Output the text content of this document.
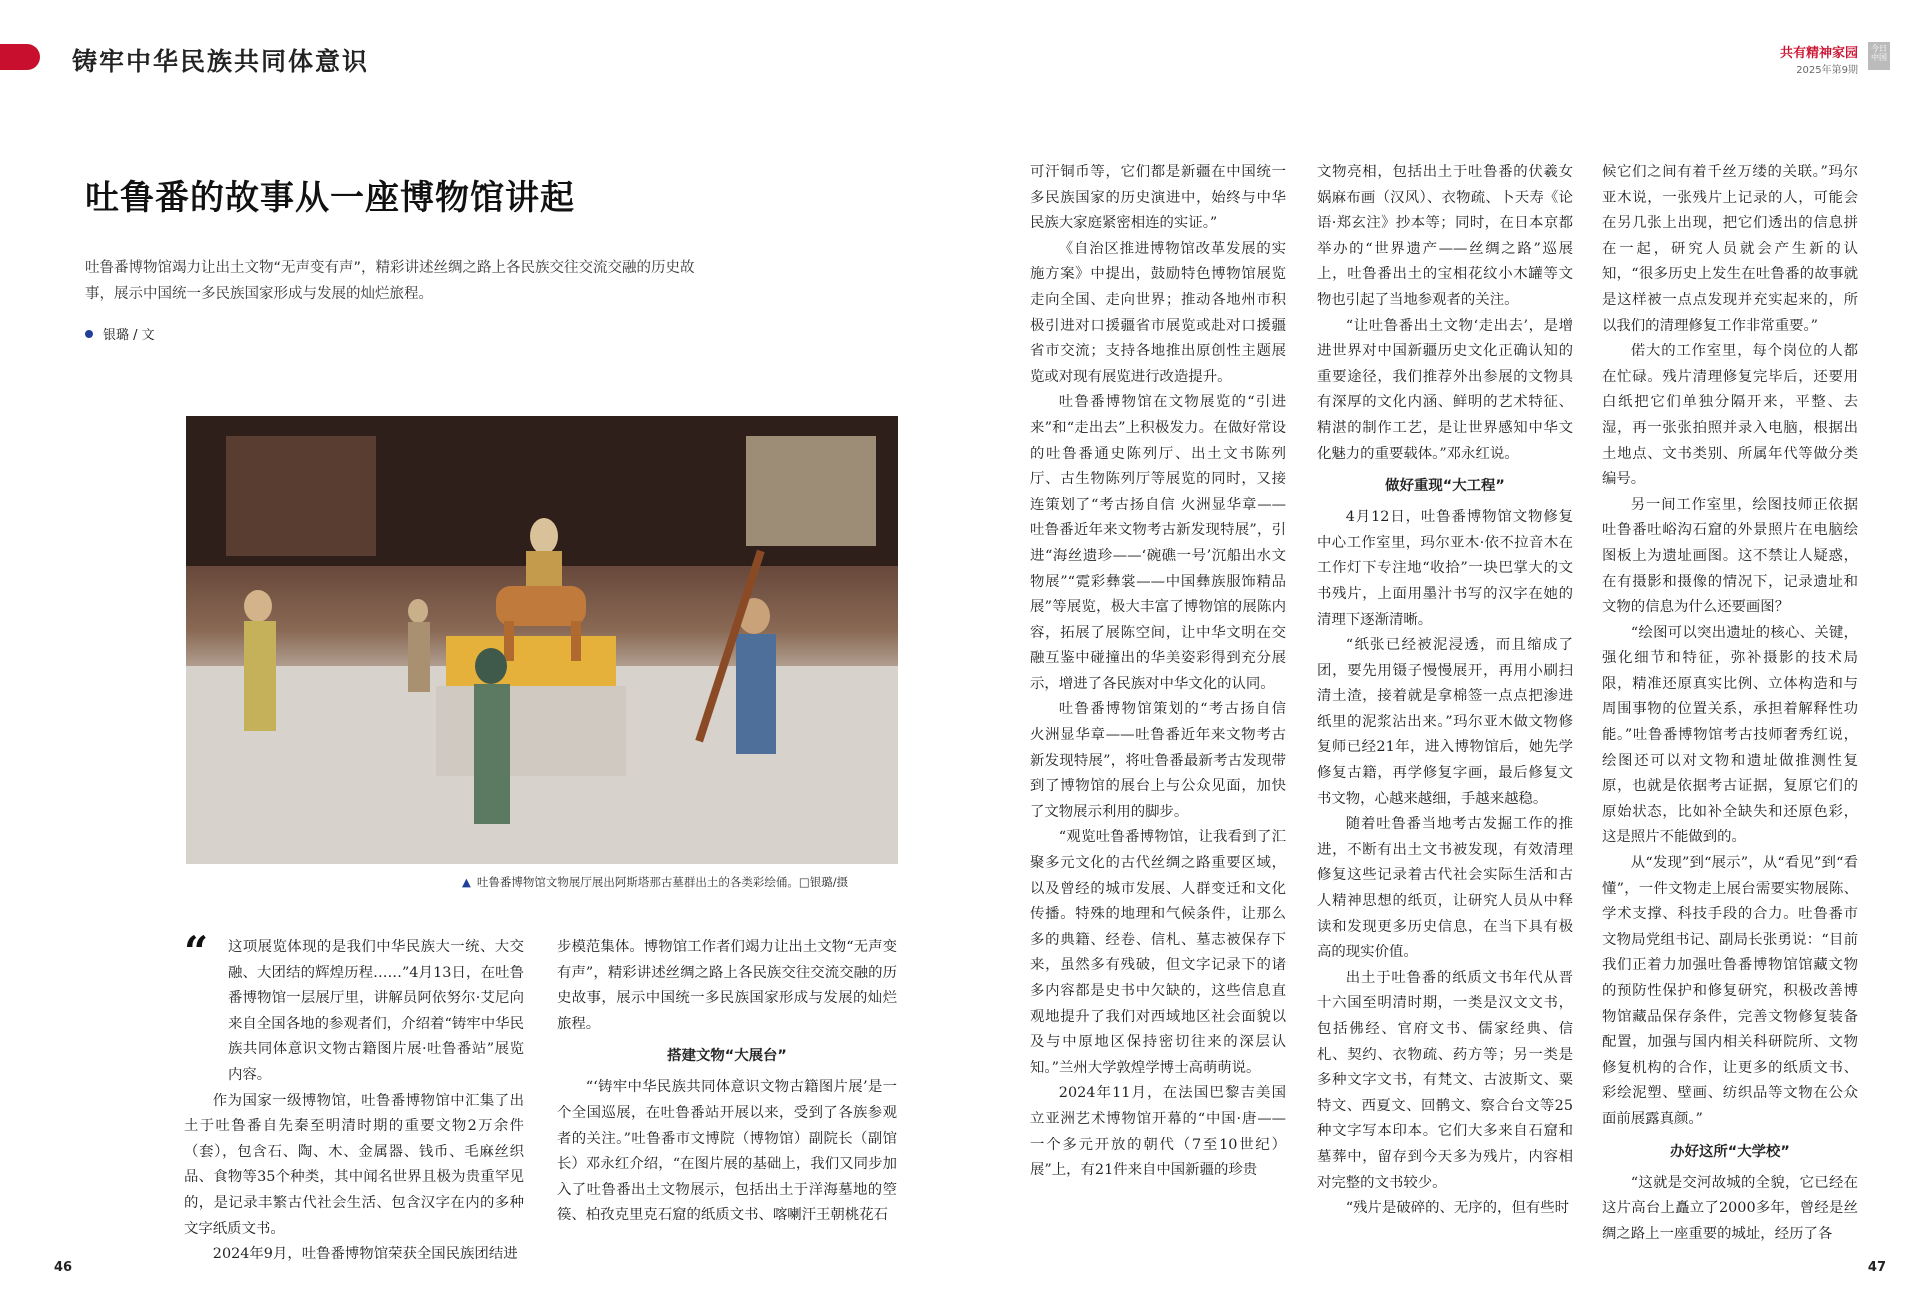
铸牢中华民族共同体意识	共有精神家园
2025年第9期
今日中国
吐鲁番的故事从一座博物馆讲起
吐鲁番博物馆竭力让出土文物“无声变有声”，精彩讲述丝绸之路上各民族交往交流交融的历史故事，展示中国统一多民族国家形成与发展的灿烂旅程。
银璐 / 文
▲ 吐鲁番博物馆文物展厅展出阿斯塔那古墓群出土的各类彩绘俑。□银璐/摄
“	这项展览体现的是我们中华民族大一统、大交融、大团结的辉煌历程……”4月13日，在吐鲁番博物馆一层展厅里，讲解员阿依努尔·艾尼向来自全国各地的参观者们，介绍着“铸牢中华民族共同体意识文物古籍图片展·吐鲁番站”展览内容。

作为国家一级博物馆，吐鲁番博物馆中汇集了出土于吐鲁番自先秦至明清时期的重要文物2万余件（套），包含石、陶、木、金属器、钱币、毛麻丝织品、食物等35个种类，其中闻名世界且极为贵重罕见的，是记录丰繁古代社会生活、包含汉字在内的多种文字纸质文书。

2024年9月，吐鲁番博物馆荣获全国民族团结进

步模范集体。博物馆工作者们竭力让出土文物“无声变有声”，精彩讲述丝绸之路上各民族交往交流交融的历史故事，展示中国统一多民族国家形成与发展的灿烂旅程。

搭建文物“大展台”

“‘铸牢中华民族共同体意识文物古籍图片展’是一个全国巡展，在吐鲁番站开展以来，受到了各族参观者的关注。”吐鲁番市文博院（博物馆）副院长（副馆长）邓永红介绍，“在图片展的基础上，我们又同步加入了吐鲁番出土文物展示，包括出土于洋海墓地的箜篌、柏孜克里克石窟的纸质文书、喀喇汗王朝桃花石

可汗铜币等，它们都是新疆在中国统一多民族国家的历史演进中，始终与中华民族大家庭紧密相连的实证。”

《自治区推进博物馆改革发展的实施方案》中提出，鼓励特色博物馆展览走向全国、走向世界；推动各地州市积极引进对口援疆省市展览或赴对口援疆省市交流；支持各地推出原创性主题展览或对现有展览进行改造提升。

吐鲁番博物馆在文物展览的“引进来”和“走出去”上积极发力。在做好常设的吐鲁番通史陈列厅、出土文书陈列厅、古生物陈列厅等展览的同时，又接连策划了“考古扬自信 火洲显华章——吐鲁番近年来文物考古新发现特展”，引进“海丝遗珍——‘碗礁一号’沉船出水文物展”“霓彩彝裳——中国彝族服饰精品展”等展览，极大丰富了博物馆的展陈内容，拓展了展陈空间，让中华文明在交融互鉴中碰撞出的华美姿彩得到充分展示，增进了各民族对中华文化的认同。

吐鲁番博物馆策划的“考古扬自信 火洲显华章——吐鲁番近年来文物考古新发现特展”，将吐鲁番最新考古发现带到了博物馆的展台上与公众见面，加快了文物展示利用的脚步。

“观览吐鲁番博物馆，让我看到了汇聚多元文化的古代丝绸之路重要区域，以及曾经的城市发展、人群变迁和文化传播。特殊的地理和气候条件，让那么多的典籍、经卷、信札、墓志被保存下来，虽然多有残破，但文字记录下的诸多内容都是史书中欠缺的，这些信息直观地提升了我们对西域地区社会面貌以及与中原地区保持密切往来的深层认知。”兰州大学敦煌学博士高萌萌说。

2024年11月，在法国巴黎吉美国立亚洲艺术博物馆开幕的“中国·唐——一个多元开放的朝代（7至10世纪）展”上，有21件来自中国新疆的珍贵

文物亮相，包括出土于吐鲁番的伏羲女娲麻布画（汉风）、衣物疏、卜天寿《论语·郑玄注》抄本等；同时，在日本京都举办的“世界遗产——丝绸之路”巡展上，吐鲁番出土的宝相花纹小木罐等文物也引起了当地参观者的关注。

“让吐鲁番出土文物‘走出去’，是增进世界对中国新疆历史文化正确认知的重要途径，我们推荐外出参展的文物具有深厚的文化内涵、鲜明的艺术特征、精湛的制作工艺，是让世界感知中华文化魅力的重要载体。”邓永红说。

做好重现“大工程”

4月12日，吐鲁番博物馆文物修复中心工作室里，玛尔亚木·依不拉音木在工作灯下专注地“收拾”一块巴掌大的文书残片，上面用墨汁书写的汉字在她的清理下逐渐清晰。

“纸张已经被泥浸透，而且缩成了团，要先用镊子慢慢展开，再用小刷扫清土渣，接着就是拿棉签一点点把渗进纸里的泥浆沾出来。”玛尔亚木做文物修复师已经21年，进入博物馆后，她先学修复古籍，再学修复字画，最后修复文书文物，心越来越细，手越来越稳。

随着吐鲁番当地考古发掘工作的推进，不断有出土文书被发现，有效清理修复这些记录着古代社会实际生活和古人精神思想的纸页，让研究人员从中释读和发现更多历史信息，在当下具有极高的现实价值。

出土于吐鲁番的纸质文书年代从晋十六国至明清时期，一类是汉文文书，包括佛经、官府文书、儒家经典、信札、契约、衣物疏、药方等；另一类是多种文字文书，有梵文、古波斯文、粟特文、西夏文、回鹘文、察合台文等25种文字写本印本。它们大多来自石窟和墓葬中，留存到今天多为残片，内容相对完整的文书较少。

“残片是破碎的、无序的，但有些时

候它们之间有着千丝万缕的关联。”玛尔亚木说，一张残片上记录的人，可能会在另几张上出现，把它们透出的信息拼在一起，研究人员就会产生新的认知，“很多历史上发生在吐鲁番的故事就是这样被一点点发现并充实起来的，所以我们的清理修复工作非常重要。”

偌大的工作室里，每个岗位的人都在忙碌。残片清理修复完毕后，还要用白纸把它们单独分隔开来，平整、去湿，再一张张拍照并录入电脑，根据出土地点、文书类别、所属年代等做分类编号。

另一间工作室里，绘图技师正依据吐鲁番吐峪沟石窟的外景照片在电脑绘图板上为遗址画图。这不禁让人疑惑，在有摄影和摄像的情况下，记录遗址和文物的信息为什么还要画图？

“绘图可以突出遗址的核心、关键，强化细节和特征，弥补摄影的技术局限，精准还原真实比例、立体构造和与周围事物的位置关系，承担着解释性功能。”吐鲁番博物馆考古技师奢秀红说，绘图还可以对文物和遗址做推测性复原，也就是依据考古证据，复原它们的原始状态，比如补全缺失和还原色彩，这是照片不能做到的。

从“发现”到“展示”，从“看见”到“看懂”，一件文物走上展台需要实物展陈、学术支撑、科技手段的合力。吐鲁番市文物局党组书记、副局长张勇说：“目前我们正着力加强吐鲁番博物馆馆藏文物的预防性保护和修复研究，积极改善博物馆藏品保存条件，完善文物修复装备配置，加强与国内相关科研院所、文物修复机构的合作，让更多的纸质文书、彩绘泥塑、壁画、纺织品等文物在公众面前展露真颜。”

办好这所“大学校”

“这就是交河故城的全貌，它已经在这片高台上矗立了2000多年，曾经是丝绸之路上一座重要的城址，经历了各

46	47
